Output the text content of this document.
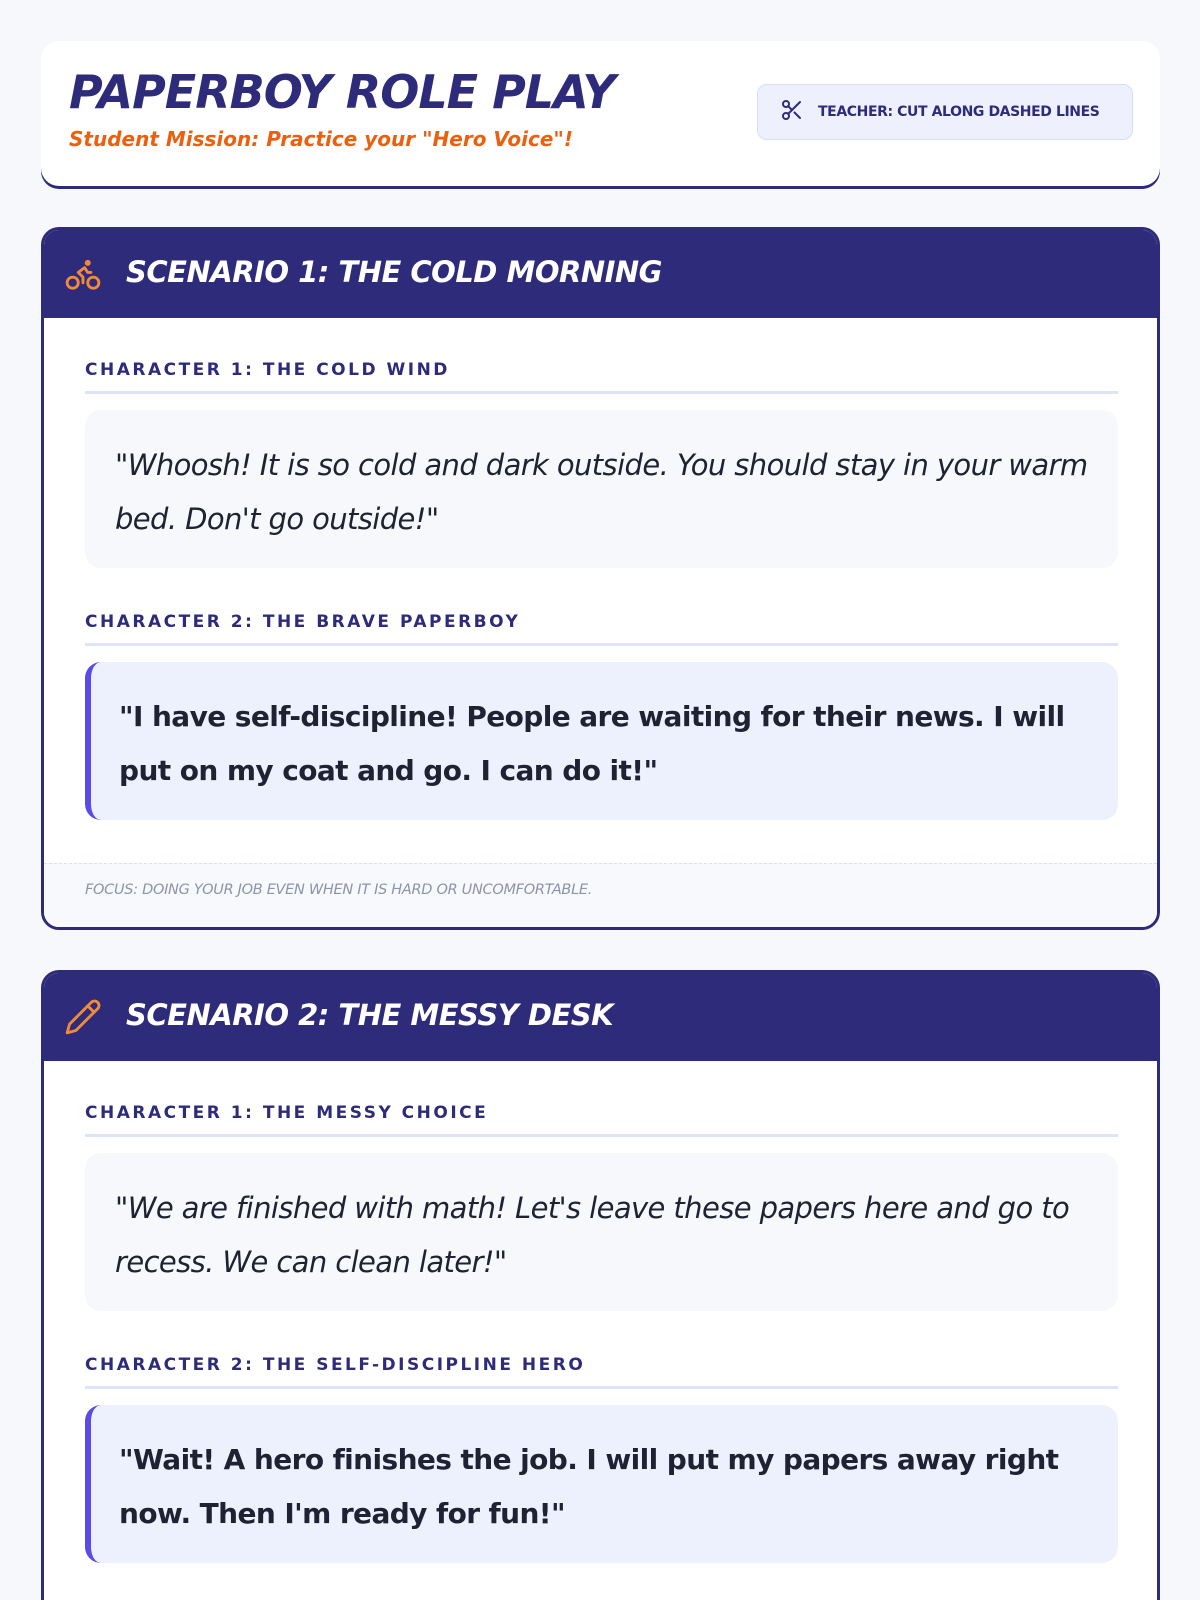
PAPERBOY ROLE PLAY
Student Mission: Practice your "Hero Voice"!
TEACHER: CUT ALONG DASHED LINES
SCENARIO 1: THE COLD MORNING
CHARACTER 1: THE COLD WIND
"Whoosh! It is so cold and dark outside. You should stay in your warm bed. Don't go outside!"
CHARACTER 2: THE BRAVE PAPERBOY
"I have self-discipline! People are waiting for their news. I will put on my coat and go. I can do it!"
FOCUS: DOING YOUR JOB EVEN WHEN IT IS HARD OR UNCOMFORTABLE.
SCENARIO 2: THE MESSY DESK
CHARACTER 1: THE MESSY CHOICE
"We are finished with math! Let's leave these papers here and go to recess. We can clean later!"
CHARACTER 2: THE SELF-DISCIPLINE HERO
"Wait! A hero finishes the job. I will put my papers away right now. Then I'm ready for fun!"
